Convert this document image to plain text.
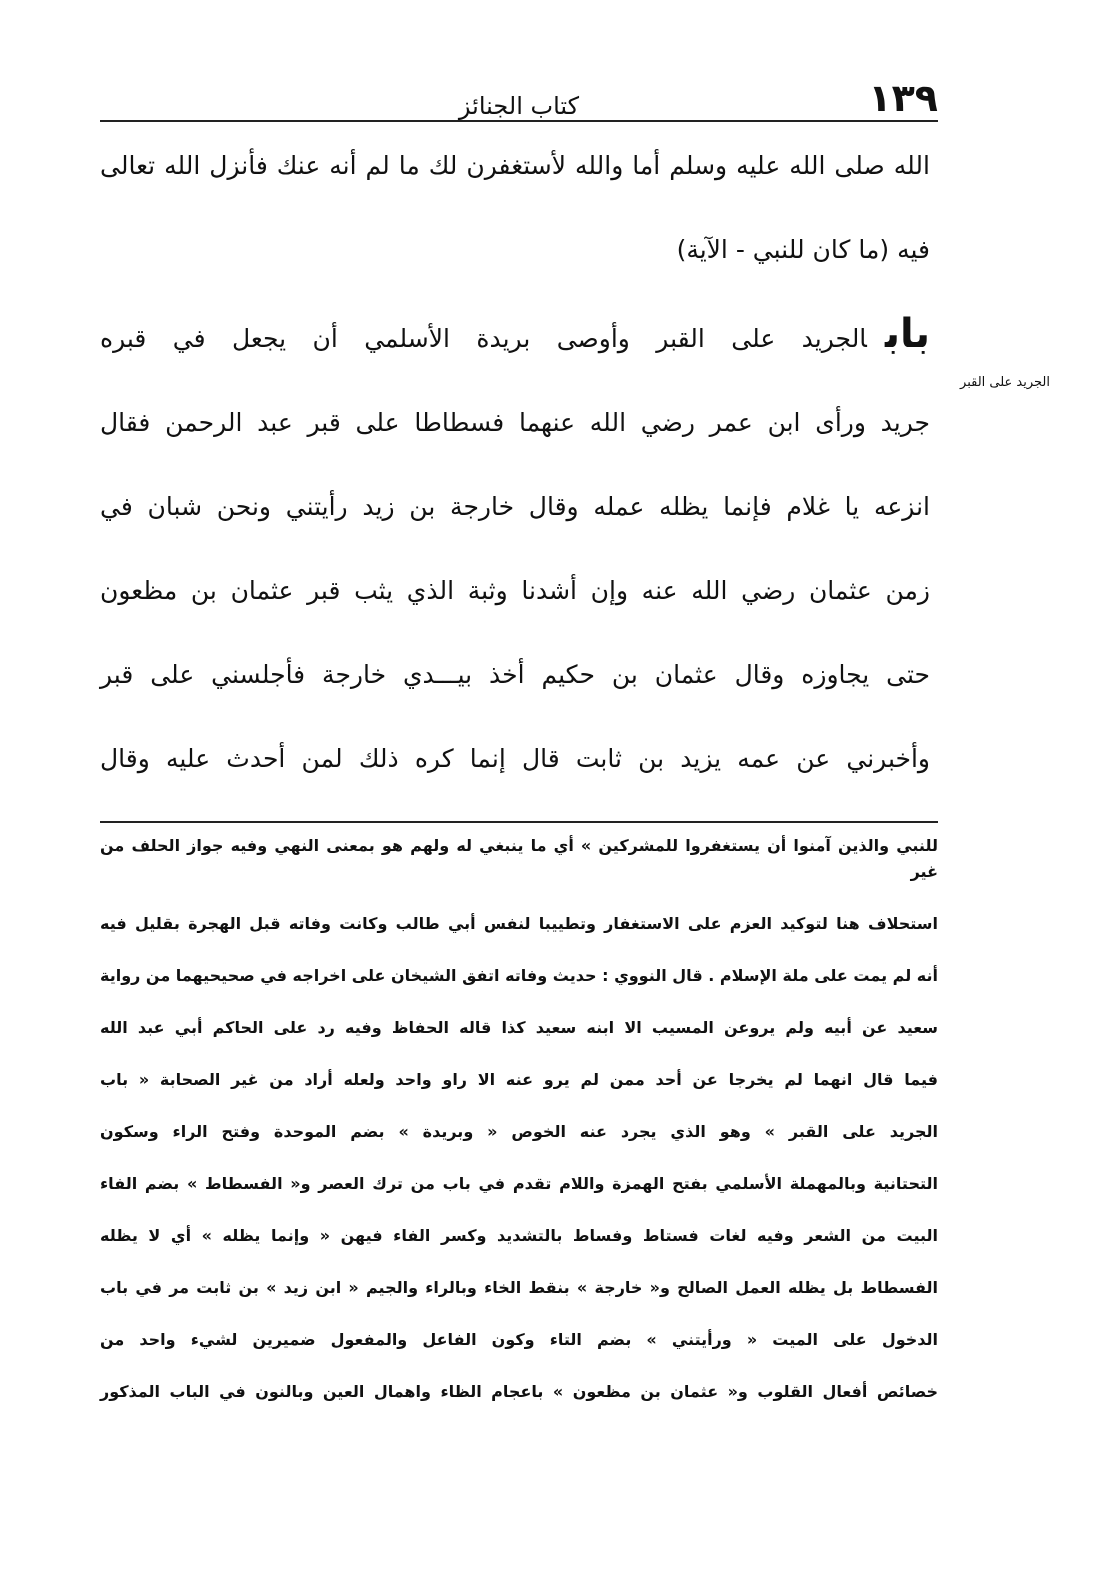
الجريد على القبر
١٣٩
كتاب الجنائز
الله صلى الله عليه وسلم أما والله لأستغفرن لك ما لم أنه عنك فأنزل الله تعالى
فيه (ما كان للنبي - الآية)
بابالجريد على القبر وأوصى بريدة الأسلمي أن يجعل في قبره
جريد ورأى ابن عمر رضي الله عنهما فسطاطا على قبر عبد الرحمن فقال
انزعه يا غلام فإنما يظله عمله وقال خارجة بن زيد رأيتني ونحن شبان في
زمن عثمان رضي الله عنه وإن أشدنا وثبة الذي يثب قبر عثمان بن مظعون
حتى يجاوزه وقال عثمان بن حكيم أخذ بيـــدي خارجة فأجلسني على قبر
وأخبرني عن عمه يزيد بن ثابت قال إنما كره ذلك لمن أحدث عليه وقال
للنبي والذين آمنوا أن يستغفروا للمشركين » أي ما ينبغي له ولهم هو بمعنى النهي وفيه جواز الحلف من غير
استحلاف هنا لتوكيد العزم على الاستغفار وتطييبا لنفس أبي طالب وكانت وفاته قبل الهجرة بقليل فيه
أنه لم يمت على ملة الإسلام . قال النووي : حديث وفاته اتفق الشيخان على اخراجه في صحيحيهما من رواية
سعيد عن أبيه ولم يروعن المسيب الا ابنه سعيد كذا قاله الحفاظ وفيه رد على الحاكم أبي عبد الله
فيما قال انهما لم يخرجا عن أحد ممن لم يرو عنه الا راو واحد ولعله أراد من غير الصحابة « باب
الجريد على القبر » وهو الذي يجرد عنه الخوص « وبريدة » بضم الموحدة وفتح الراء وسكون
التحتانية وبالمهملة الأسلمي بفتح الهمزة واللام تقدم في باب من ترك العصر و« الفسطاط » بضم الفاء
البيت من الشعر وفيه لغات فستاط وفساط بالتشديد وكسر الفاء فيهن « وإنما يظله » أي لا يظله
الفسطاط بل يظله العمل الصالح و« خارجة » بنقط الخاء وبالراء والجيم « ابن زيد » بن ثابت مر في باب
الدخول على الميت « ورأيتني » بضم التاء وكون الفاعل والمفعول ضميرين لشيء واحد من
خصائص أفعال القلوب و« عثمان بن مظعون » باعجام الظاء واهمال العين وبالنون في الباب المذكور
